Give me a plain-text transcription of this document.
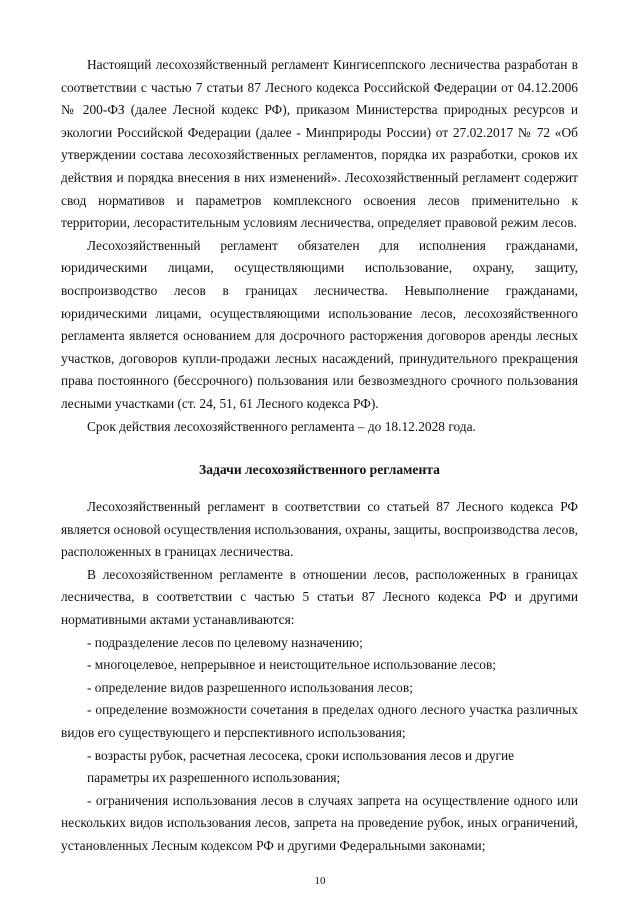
Настоящий лесохозяйственный регламент Кингисеппского лесничества разработан в соответствии с частью 7 статьи 87 Лесного кодекса Российской Федерации от 04.12.2006 № 200-ФЗ (далее Лесной кодекс РФ), приказом Министерства природных ресурсов и экологии Российской Федерации (далее - Минприроды России) от 27.02.2017 № 72 «Об утверждении состава лесохозяйственных регламентов, порядка их разработки, сроков их действия и порядка внесения в них изменений». Лесохозяйственный регламент содержит свод нормативов и параметров комплексного освоения лесов применительно к территории, лесорастительным условиям лесничества, определяет правовой режим лесов.

Лесохозяйственный регламент обязателен для исполнения гражданами, юридическими лицами, осуществляющими использование, охрану, защиту, воспроизводство лесов в границах лесничества. Невыполнение гражданами, юридическими лицами, осуществляющими использование лесов, лесохозяйственного регламента является основанием для досрочного расторжения договоров аренды лесных участков, договоров купли-продажи лесных насаждений, принудительного прекращения права постоянного (бессрочного) пользования или безвозмездного срочного пользования лесными участками (ст. 24, 51, 61 Лесного кодекса РФ).

Срок действия лесохозяйственного регламента – до 18.12.2028 года.

Задачи лесохозяйственного регламента

Лесохозяйственный регламент в соответствии со статьей 87 Лесного кодекса РФ является основой осуществления использования, охраны, защиты, воспроизводства лесов, расположенных в границах лесничества.

В лесохозяйственном регламенте в отношении лесов, расположенных в границах лесничества, в соответствии с частью 5 статьи 87 Лесного кодекса РФ и другими нормативными актами устанавливаются:

- подразделение лесов по целевому назначению;

- многоцелевое, непрерывное и неистощительное использование лесов;

- определение видов разрешенного использования лесов;

- определение возможности сочетания в пределах одного лесного участка различных видов его существующего и перспективного использования;

- возрасты рубок, расчетная лесосека, сроки использования лесов и другие

параметры их разрешенного использования;

- ограничения использования лесов в случаях запрета на осуществление одного или нескольких видов использования лесов, запрета на проведение рубок, иных ограничений, установленных Лесным кодексом РФ и другими Федеральными законами;

10
